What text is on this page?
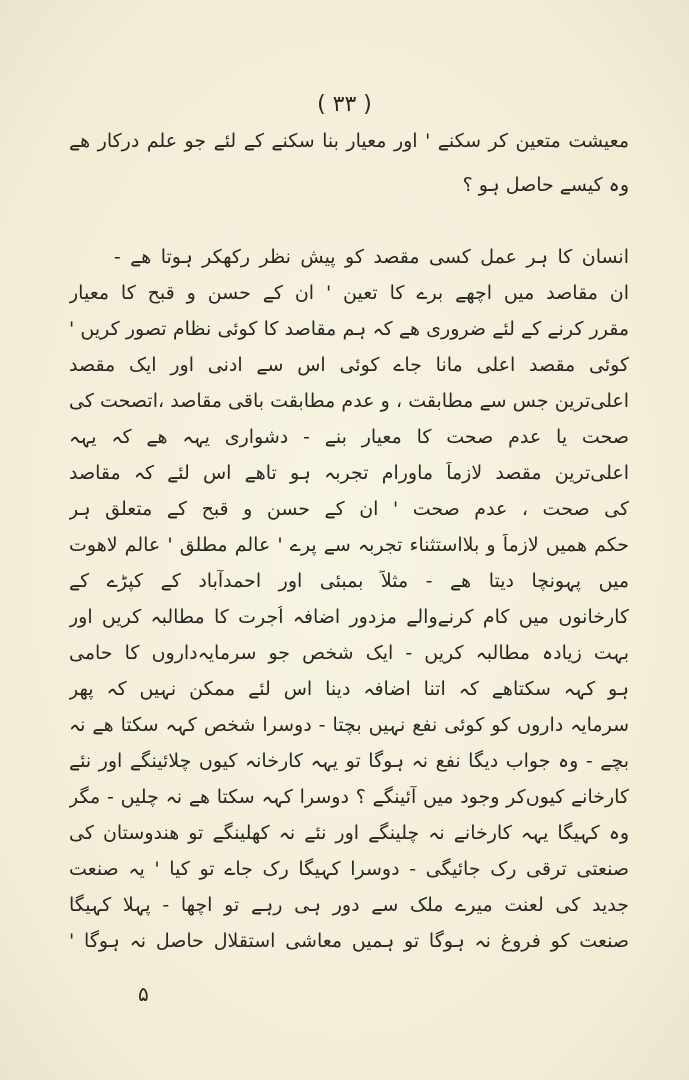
( ۳۳ )
معیشت متعین کر سکنے ' اور معیار بنا سکنے کے لئے جو علم درکار ھے
وہ کیسے حاصل ہو ؟
انسان کا ہر عمل کسی مقصد کو پیش نظر رکھکر ہوتا ھے -
ان مقاصد میں اچھے برے کا تعین ' ان کے حسن و قبح کا معیار
مقرر کرنے کے لئے ضروری ھے کہ ہم مقاصد کا کوئی نظام تصور کریں '
کوئی مقصد اعلی مانا جاے کوئی اس سے ادنی اور ایک مقصد
اعلی‌ترین جس سے مطابقت ، و عدم مطابقت باقی مقاصد ،اتصحت کی
صحت یا عدم صحت کا معیار بنے - دشواری یہہ ھے کہ یہہ
اعلی‌ترین مقصد لازماً ماورام تجربہ ہو تاھے اس لئے کہ مقاصد
کی صحت ، عدم صحت ' ان کے حسن و قبح کے متعلق ہر
حکم ھمیں لازماً و بلااستثناء تجربہ سے پرے ' عالم مطلق ' عالم لاھوت
میں پہونچا دیتا ھے - مثلاً بمبئی اور احمدآباد کے کپڑے کے
کارخانوں میں کام کرنےوالے مزدور اضافہ اُجرت کا مطالبہ کریں اور
بہت زیادہ مطالبہ کریں - ایک شخص جو سرمایہ‌داروں کا حامی
ہو کہہ سکتاھے کہ اتنا اضافہ دینا اس لئے ممکن نہیں کہ پھر
سرمایہ داروں کو کوئی نفع نہیں بچتا - دوسرا شخص کہہ سکتا ھے نہ
بچے - وہ جواب دیگا نفع نہ ہوگا تو یہہ کارخانہ کیوں چلائینگے اور نئے
کارخانے کیوں‌کر وجود میں آئینگے ؟ دوسرا کہہ سکتا ھے نہ چلیں - مگر
وہ کہیگا یہہ کارخانے نہ چلینگے اور نئے نہ کھلینگے تو ھندوستان کی
صنعتی ترقی رک جائیگی - دوسرا کہیگا رک جاے تو کیا ' یہ صنعت
جدید کی لعنت میرے ملک سے دور ہی رہے تو اچھا - پہلا کہیگا
صنعت کو فروغ نہ ہوگا تو ہمیں معاشی استقلال حاصل نہ ہوگا '
۵
